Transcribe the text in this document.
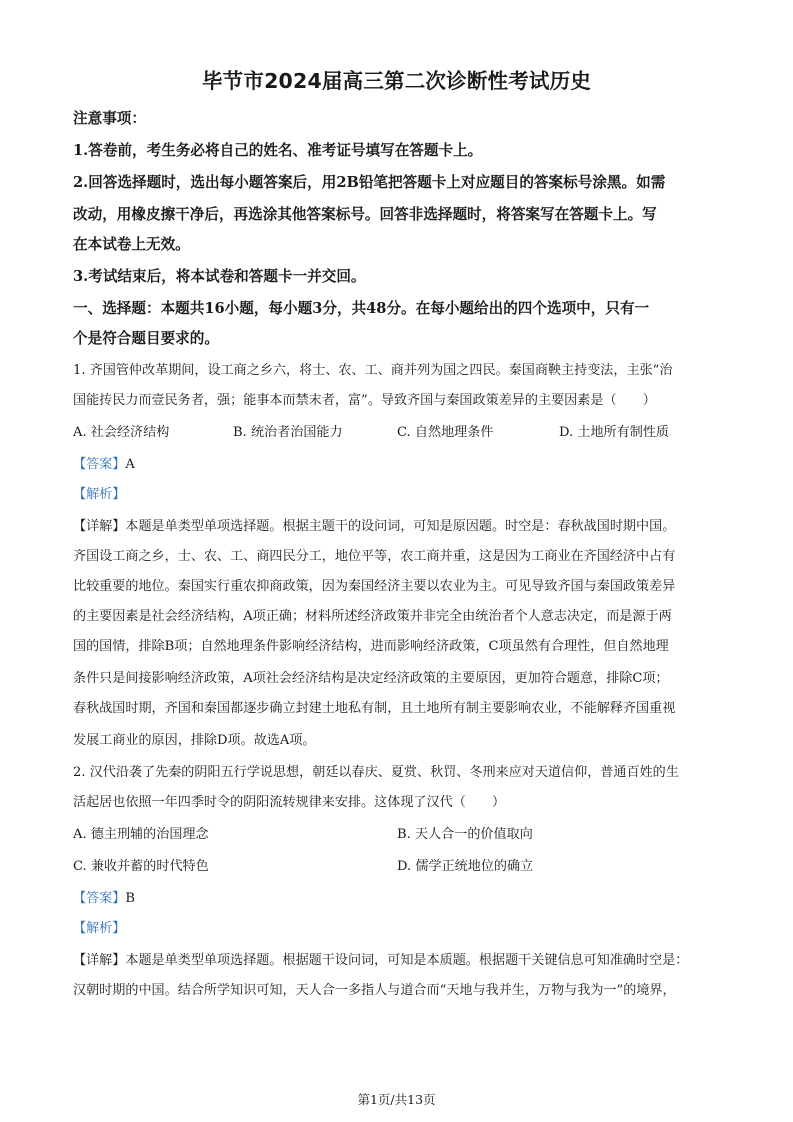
毕节市2024届高三第二次诊断性考试历史
注意事项：
1.答卷前，考生务必将自己的姓名、准考证号填写在答题卡上。
2.回答选择题时，选出每小题答案后，用2B铅笔把答题卡上对应题目的答案标号涂黑。如需
改动，用橡皮擦干净后，再选涂其他答案标号。回答非选择题时，将答案写在答题卡上。写
在本试卷上无效。
3.考试结束后，将本试卷和答题卡一并交回。
一、选择题：本题共16小题，每小题3分，共48分。在每小题给出的四个选项中，只有一
个是符合题目要求的。
1. 齐国管仲改革期间，设工商之乡六，将士、农、工、商并列为国之四民。秦国商鞅主持变法，主张“治
国能抟民力而壹民务者，强；能事本而禁末者，富”。导致齐国与秦国政策差异的主要因素是（　　）
A. 社会经济结构	B. 统治者治国能力	C. 自然地理条件	D. 土地所有制性质
【答案】A
【解析】
【详解】本题是单类型单项选择题。根据主题干的设问词，可知是原因题。时空是：春秋战国时期中国。
齐国设工商之乡，士、农、工、商四民分工，地位平等，农工商并重，这是因为工商业在齐国经济中占有
比较重要的地位。秦国实行重农抑商政策，因为秦国经济主要以农业为主。可见导致齐国与秦国政策差异
的主要因素是社会经济结构，A项正确；材料所述经济政策并非完全由统治者个人意志决定，而是源于两
国的国情，排除B项；自然地理条件影响经济结构，进而影响经济政策，C项虽然有合理性，但自然地理
条件只是间接影响经济政策，A项社会经济结构是决定经济政策的主要原因，更加符合题意，排除C项；
春秋战国时期，齐国和秦国都逐步确立封建土地私有制，且土地所有制主要影响农业，不能解释齐国重视
发展工商业的原因，排除D项。故选A项。
2. 汉代沿袭了先秦的阴阳五行学说思想，朝廷以春庆、夏赏、秋罚、冬刑来应对天道信仰，普通百姓的生
活起居也依照一年四季时令的阴阳流转规律来安排。这体现了汉代（　　）
A. 德主刑辅的治国理念	B. 天人合一的价值取向
C. 兼收并蓄的时代特色	D. 儒学正统地位的确立
【答案】B
【解析】
【详解】本题是单类型单项选择题。根据题干设问词，可知是本质题。根据题干关键信息可知准确时空是：
汉朝时期的中国。结合所学知识可知，天人合一多指人与道合而“天地与我并生，万物与我为一”的境界，
第1页/共13页
